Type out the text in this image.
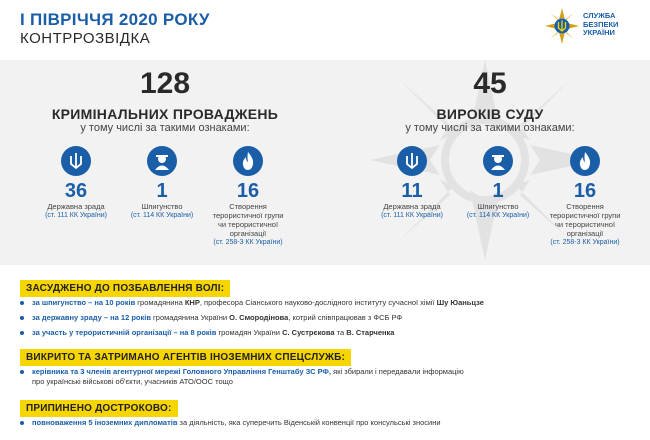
І ПІВРІЧЧЯ 2020 РОКУ
КОНТРРОЗВІДКА
СЛУЖБА
БЕЗПЕКИ
УКРАЇНИ
128
КРИМІНАЛЬНИХ ПРОВАДЖЕНЬ
у тому числі за такими ознаками:
36
Державна зрада
(ст. 111 КК України)
1
Шпигунство
(ст. 114 КК України)
16
Створення
терористичної групи
чи терористичної
організації
(ст. 258-3 КК України)
45
ВИРОКІВ СУДУ
у тому числі за такими ознаками:
11
Державна зрада
(ст. 111 КК України)
1
Шпигунство
(ст. 114 КК України)
16
Створення
терористичної групи
чи терористичної
організації
(ст. 258-3 КК України)
ЗАСУДЖЕНО ДО ПОЗБАВЛЕННЯ ВОЛІ:
за шпигунство – на 10 років громадянина КНР, професора Сіанського науково-дослідного інституту сучасної хімії Шу Юаньцзе
за державну зраду – на 12 років громадянина України О. Смородінова, котрий співпрацював з ФСБ РФ
за участь у терористичній організації – на 8 років громадян України С. Сустрєкова та В. Старченка
ВИКРИТО ТА ЗАТРИМАНО АГЕНТІВ ІНОЗЕМНИХ СПЕЦСЛУЖБ:
керівника та 3 членів агентурної мережі Головного Управління Генштабу ЗС РФ, які збирали і передавали інформацію
про українські військові об'єкти, учасників АТО/ООС тощо
ПРИПИНЕНО ДОСТРОКОВО:
повноваження 5 іноземних дипломатів за діяльність, яка суперечить Віденській конвенції про консульські зносини
